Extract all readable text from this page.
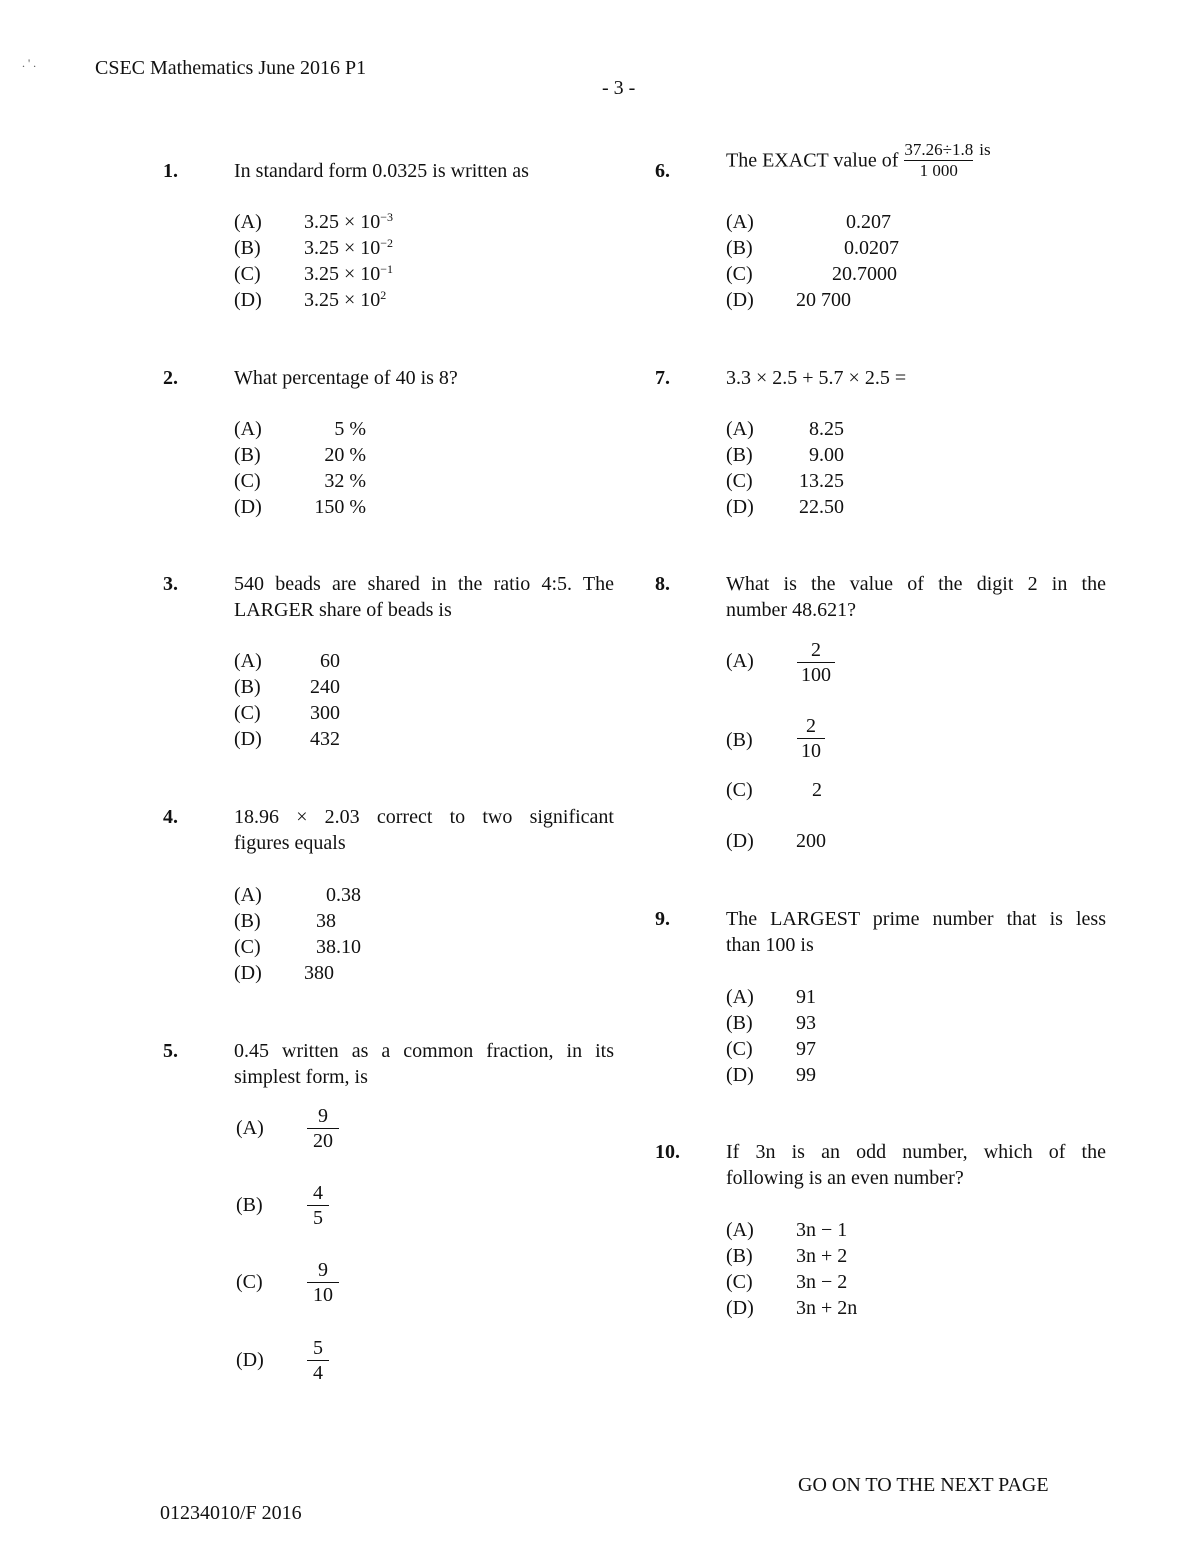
. ' .	CSEC Mathematics June 2016 P1
- 3 -
1.	In standard form 0.0325 is written as
(A) $3.25 \times 10^{-3}$
(B) $3.25 \times 10^{-2}$
(C) $3.25 \times 10^{-1}$
(D) $3.25 \times 10^2$
2.	What percentage of 40 is 8?
(A)	5 %
(B)	20 %
(C)	32 %
(D)	150 %
3.	540 beads are shared in the ratio 4:5. The
LARGER share of beads is
(A)	60
(B) 240
(C) 300
(D) 432
4.	18.96 × 2.03 correct to two significant
figures equals
(A)	0.38
(B)	38
(C)	38.10
(D) 380
5.	0.45 written as a common fraction, in its
simplest form, is
$(A) \frac{9}{20}$
$(B) \frac{4}{5}$
$(C) \frac{9}{10}$
$(D) \frac{5}{4}$
6.	The EXACT value of $\frac{37.26\div 1.8}{1 000} ^{is}$
(A)	0.207
(B)	0.0207
(C)	20.7000
(D) 20 700
7.	3.3 × 2.5 + 5.7 × 2.5 =
(A)	8.25
(B)	9.00
(C) 13.25
(D) 22.50
8.	What is the value of the digit 2 in the
number 48.621?
$(A) \frac{2}{100}$
$(B) \frac{2}{10}$
(C)	2
(D) 200
9.	The LARGEST prime number that is less
than 100 is
(A) 91
(B) 93
(C) 97
(D) 99
10. If 3n is an odd number, which of the
following is an even number?
(A) 3n − 1
(B) 3n + 2
(C) 3n − 2
(D) 3n + 2n
GO ON TO THE NEXT PAGE
01234010/F 2016
